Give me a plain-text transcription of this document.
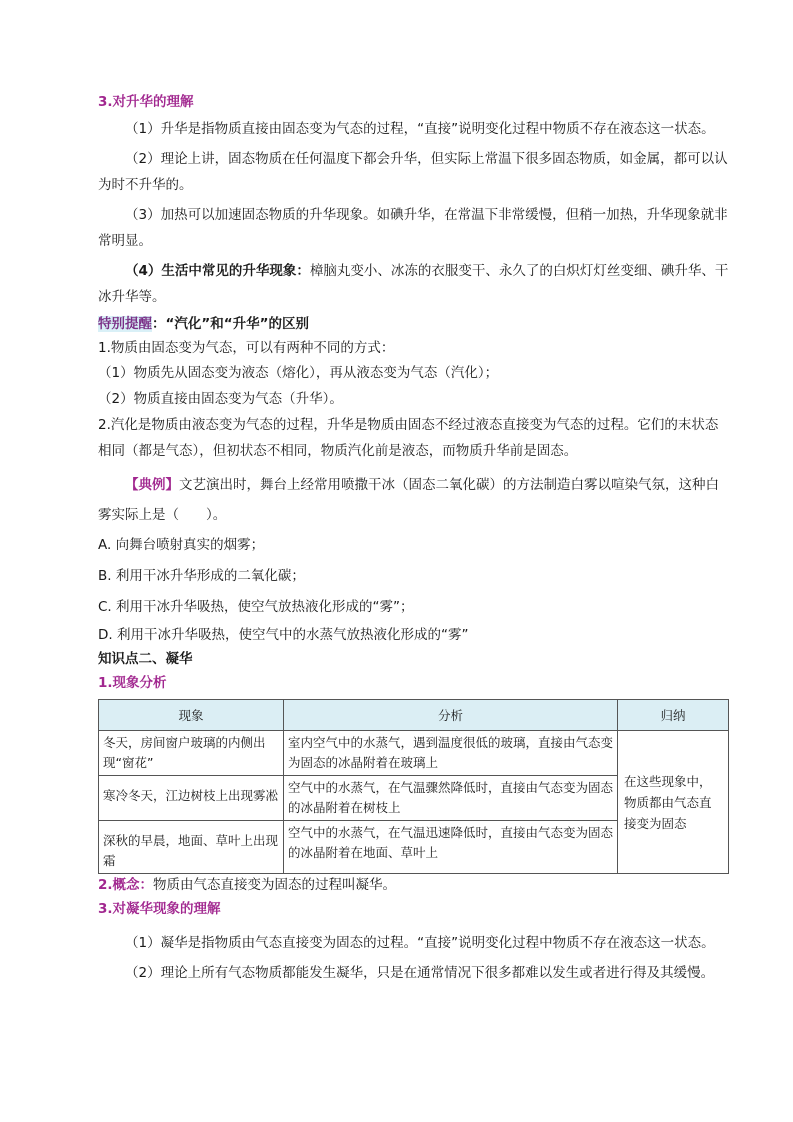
3.对升华的理解

（1）升华是指物质直接由固态变为气态的过程，“直接”说明变化过程中物质不存在液态这一状态。

（2）理论上讲，固态物质在任何温度下都会升华，但实际上常温下很多固态物质，如金属，都可以认为时不升华的。

（3）加热可以加速固态物质的升华现象。如碘升华，在常温下非常缓慢，但稍一加热，升华现象就非常明显。

（4）生活中常见的升华现象：樟脑丸变小、冰冻的衣服变干、永久了的白炽灯灯丝变细、碘升华、干冰升华等。

特别提醒：“汽化”和“升华”的区别

1.物质由固态变为气态，可以有两种不同的方式：

（1）物质先从固态变为液态（熔化），再从液态变为气态（汽化）；

（2）物质直接由固态变为气态（升华）。

2.汽化是物质由液态变为气态的过程，升华是物质由固态不经过液态直接变为气态的过程。它们的末状态相同（都是气态），但初状态不相同，物质汽化前是液态，而物质升华前是固态。

【典例】文艺演出时，舞台上经常用喷撒干冰（固态二氧化碳）的方法制造白雾以喧染气氛，这种白雾实际上是（　　）。

A. 向舞台喷射真实的烟雾；

B. 利用干冰升华形成的二氧化碳；

C. 利用干冰升华吸热，使空气放热液化形成的“雾”；

D. 利用干冰升华吸热，使空气中的水蒸气放热液化形成的“雾”

知识点二、凝华
1.现象分析
现象	分析	归纳
冬天，房间窗户玻璃的内侧出现“窗花”	室内空气中的水蒸气，遇到温度很低的玻璃，直接由气态变为固态的冰晶附着在玻璃上	在这些现象中，物质都由气态直接变为固态
寒冷冬天，江边树枝上出现雾凇	空气中的水蒸气，在气温骤然降低时，直接由气态变为固态的冰晶附着在树枝上	
深秋的早晨，地面、草叶上出现霜	空气中的水蒸气，在气温迅速降低时，直接由气态变为固态的冰晶附着在地面、草叶上	

2.概念：物质由气态直接变为固态的过程叫凝华。

3.对凝华现象的理解

（1）凝华是指物质由气态直接变为固态的过程。“直接”说明变化过程中物质不存在液态这一状态。

（2）理论上所有气态物质都能发生凝华，只是在通常情况下很多都难以发生或者进行得及其缓慢。
